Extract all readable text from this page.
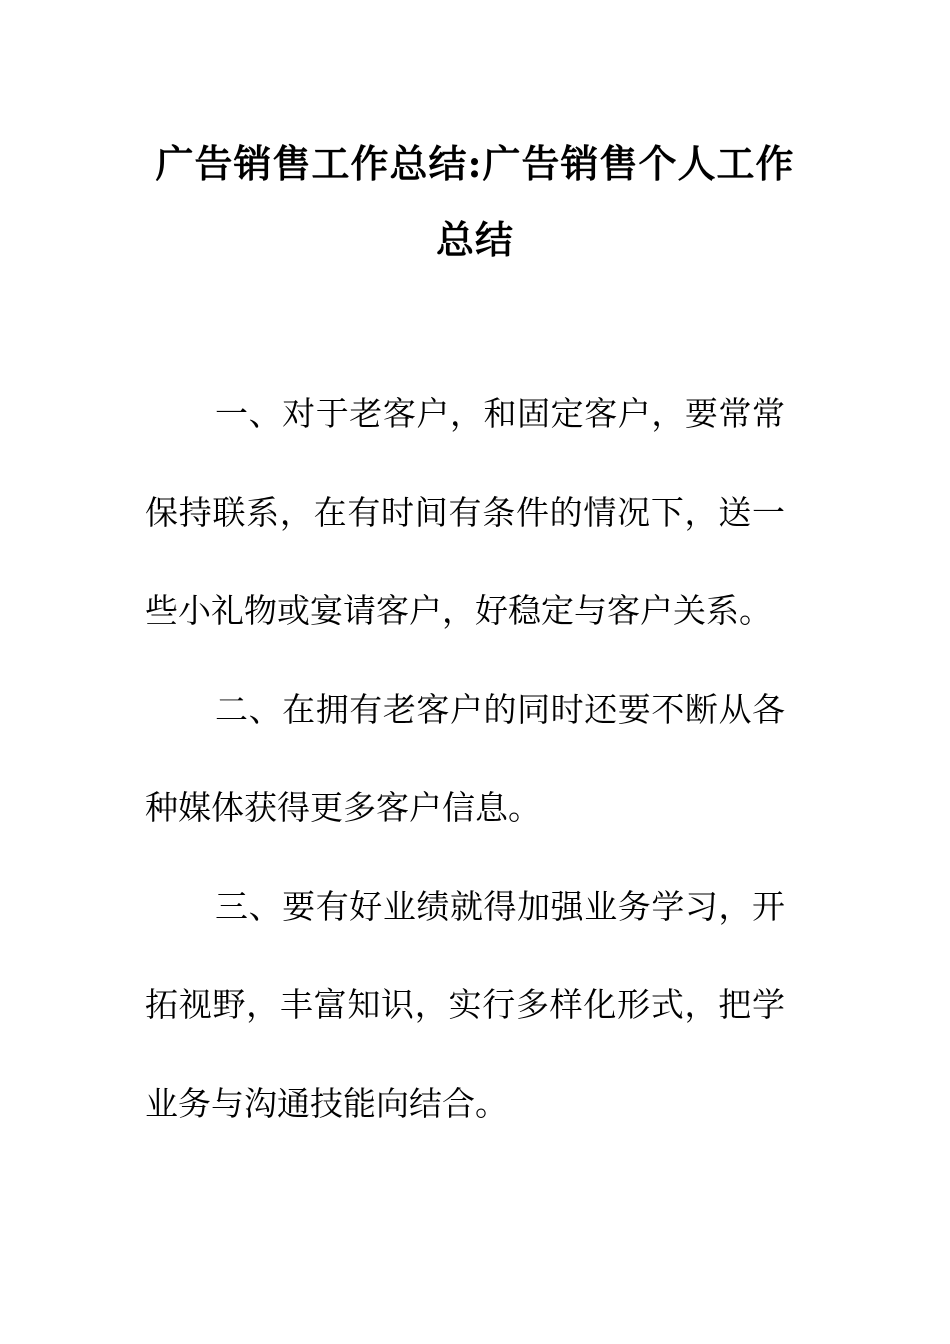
广告销售工作总结:广告销售个人工作总结

一、对于老客户，和固定客户，要常常保持联系，在有时间有条件的情况下，送一些小礼物或宴请客户，好稳定与客户关系。

二、在拥有老客户的同时还要不断从各种媒体获得更多客户信息。

三、要有好业绩就得加强业务学习，开拓视野，丰富知识，实行多样化形式，把学业务与沟通技能向结合。
